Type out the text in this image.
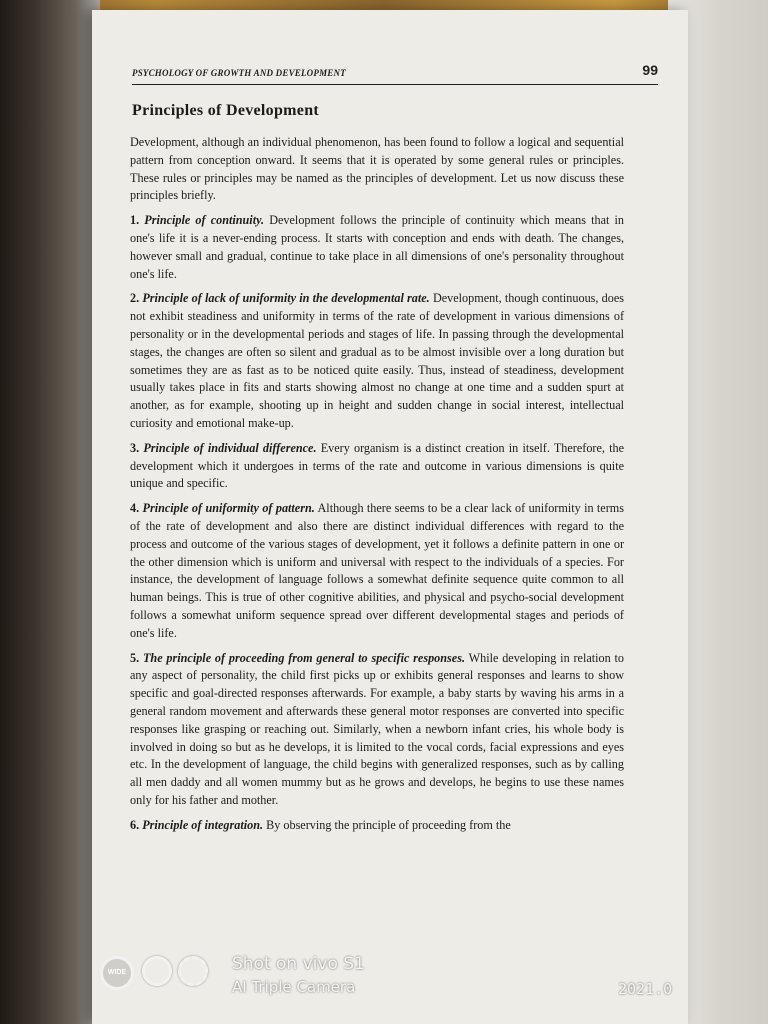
PSYCHOLOGY OF GROWTH AND DEVELOPMENT	99
Principles of Development

Development, although an individual phenomenon, has been found to follow a logical and sequential pattern from conception onward. It seems that it is operated by some general rules or principles. These rules or principles may be named as the principles of development. Let us now discuss these principles briefly.

1. Principle of continuity. Development follows the principle of continuity which means that in one's life it is a never-ending process. It starts with conception and ends with death. The changes, however small and gradual, continue to take place in all dimensions of one's personality throughout one's life.

2. Principle of lack of uniformity in the developmental rate. Development, though continuous, does not exhibit steadiness and uniformity in terms of the rate of development in various dimensions of personality or in the developmental periods and stages of life. In passing through the developmental stages, the changes are often so silent and gradual as to be almost invisible over a long duration but sometimes they are as fast as to be noticed quite easily. Thus, instead of steadiness, development usually takes place in fits and starts showing almost no change at one time and a sudden spurt at another, as for example, shooting up in height and sudden change in social interest, intellectual curiosity and emotional make-up.

3. Principle of individual difference. Every organism is a distinct creation in itself. Therefore, the development which it undergoes in terms of the rate and outcome in various dimensions is quite unique and specific.

4. Principle of uniformity of pattern. Although there seems to be a clear lack of uniformity in terms of the rate of development and also there are distinct individual differences with regard to the process and outcome of the various stages of development, yet it follows a definite pattern in one or the other dimension which is uniform and universal with respect to the individuals of a species. For instance, the development of language follows a somewhat definite sequence quite common to all human beings. This is true of other cognitive abilities, and physical and psycho-social development follows a somewhat uniform sequence spread over different developmental stages and periods of one's life.

5. The principle of proceeding from general to specific responses. While developing in relation to any aspect of personality, the child first picks up or exhibits general responses and learns to show specific and goal-directed responses afterwards. For example, a baby starts by waving his arms in a general random movement and afterwards these general motor responses are converted into specific responses like grasping or reaching out. Similarly, when a newborn infant cries, his whole body is involved in doing so but as he develops, it is limited to the vocal cords, facial expressions and eyes etc. In the development of language, the child begins with generalized responses, such as by calling all men daddy and all women mummy but as he grows and develops, he begins to use these names only for his father and mother.

6. Principle of integration. By observing the principle of proceeding from the

WIDE	Shot on vivo S1
AI Triple Camera	2021.0
